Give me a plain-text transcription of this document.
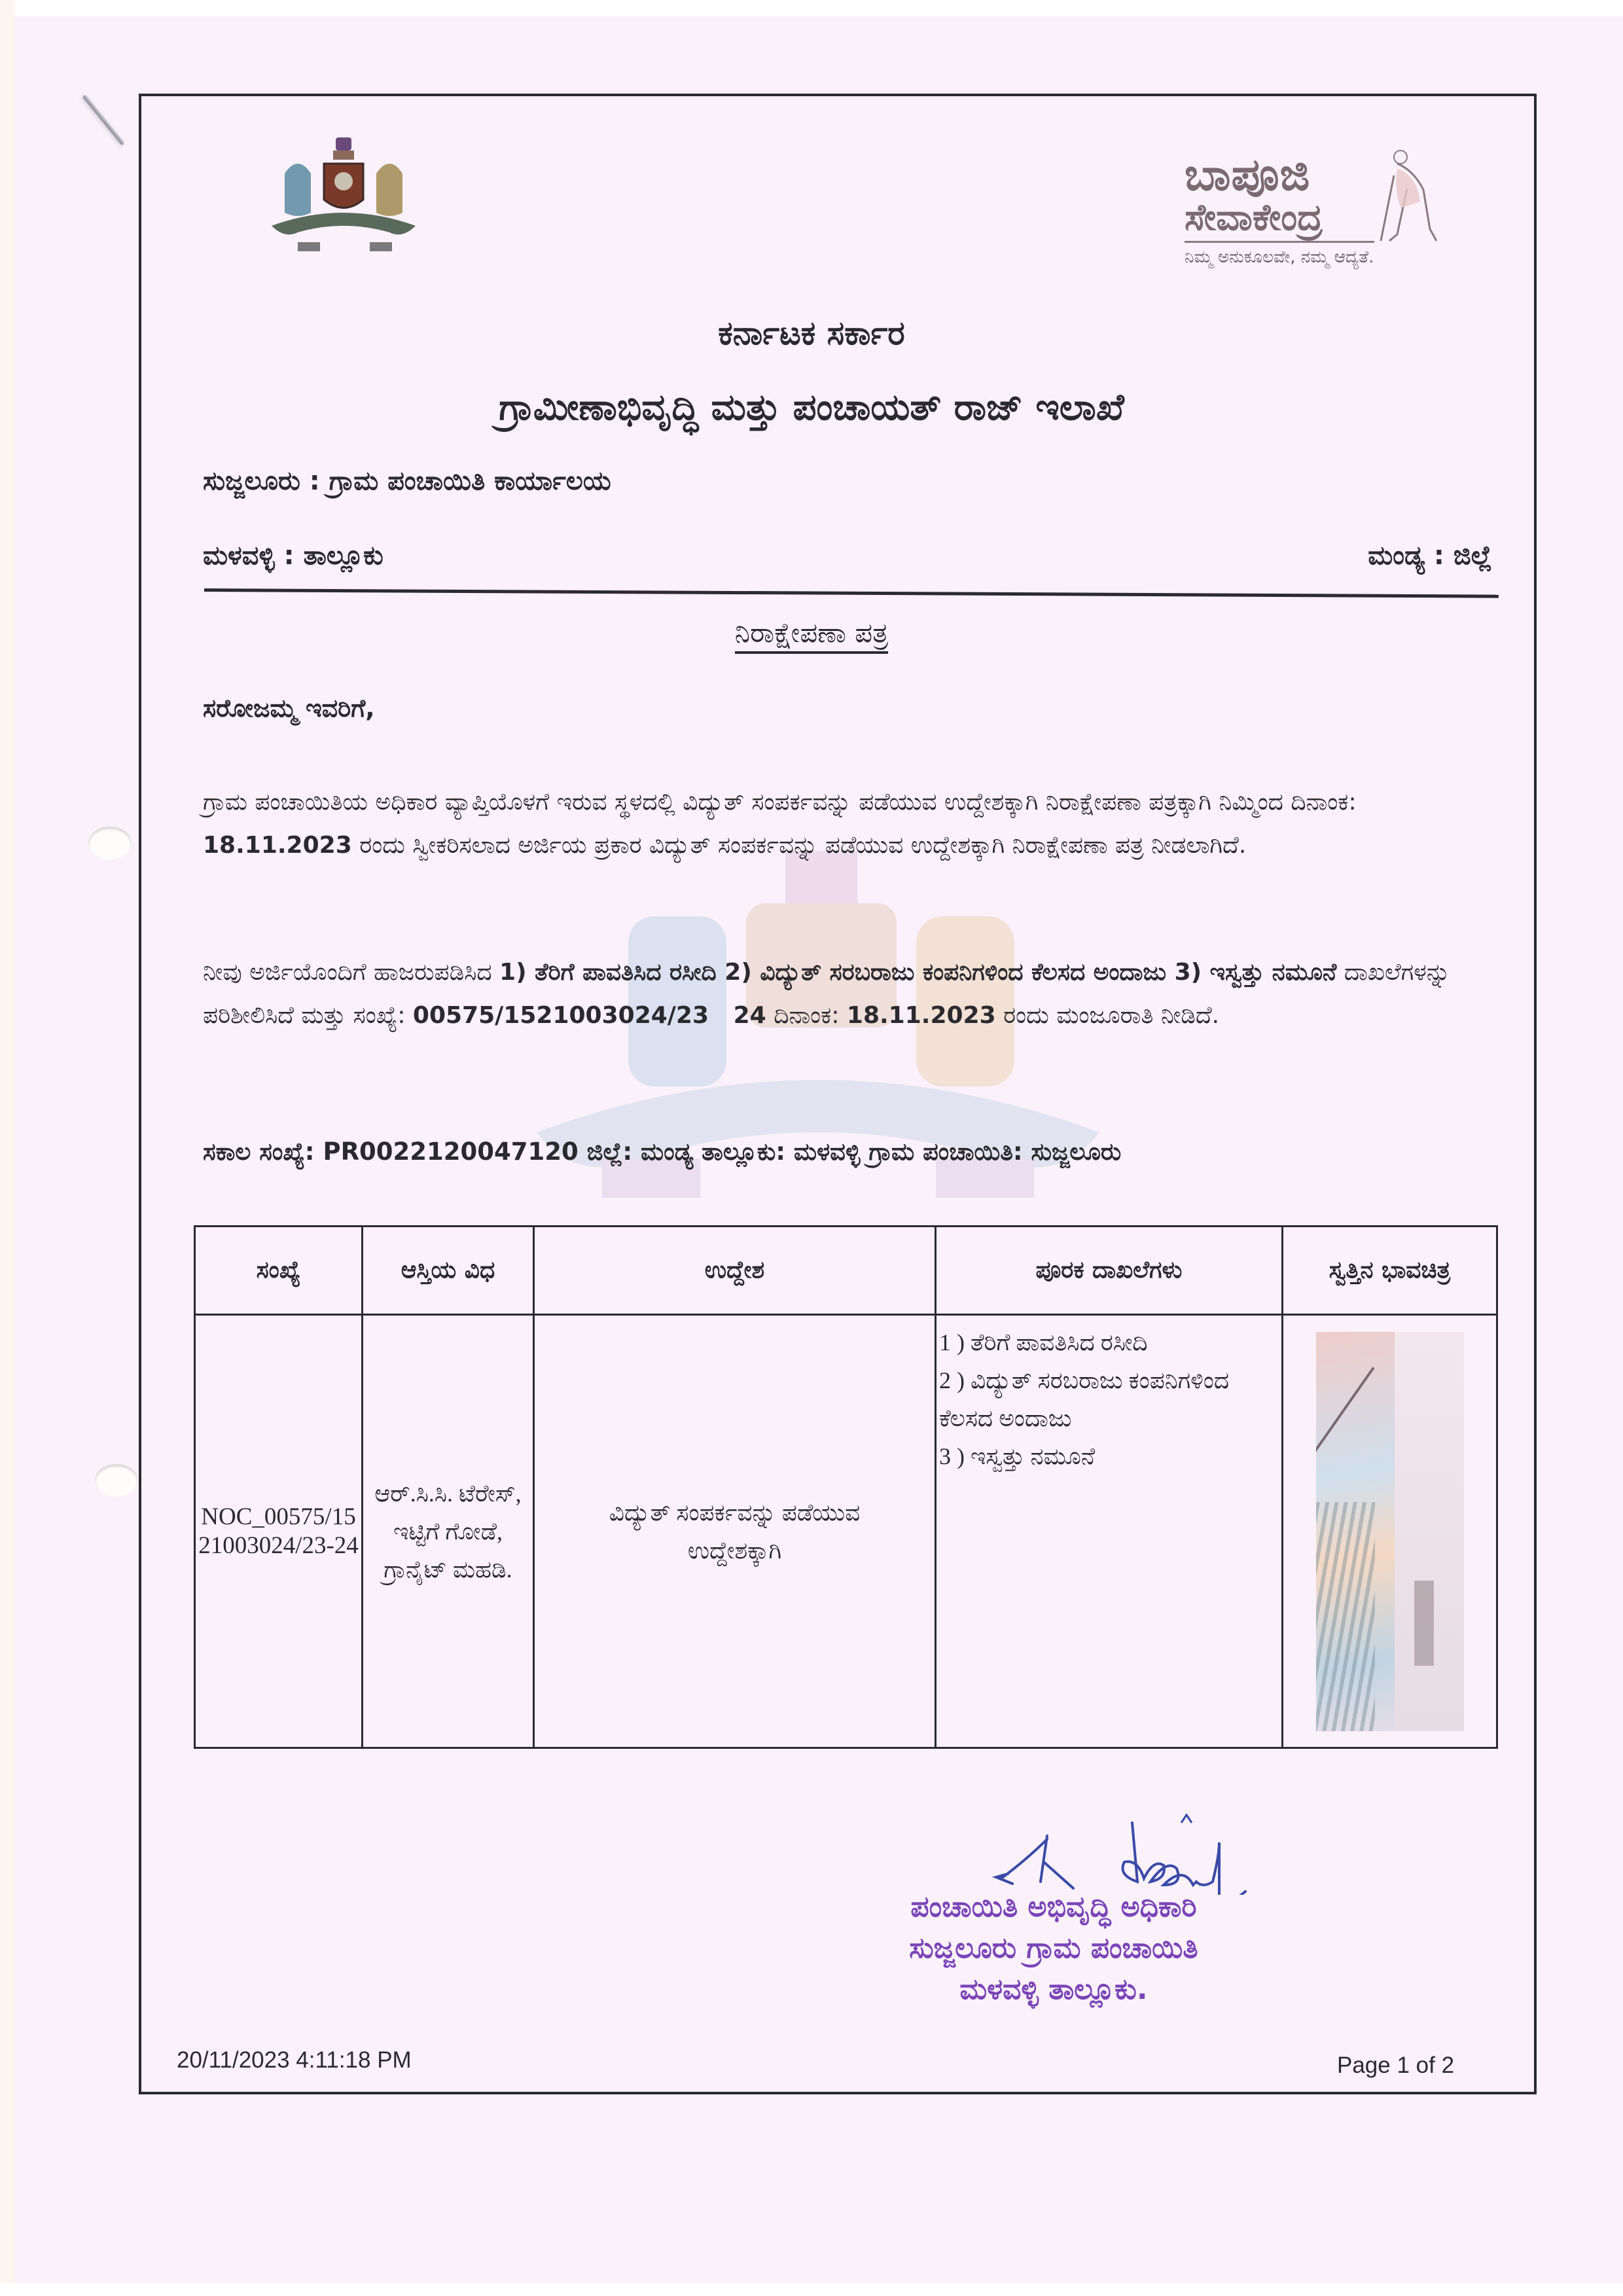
ಬಾಪೂಜಿ
ಸೇವಾಕೇಂದ್ರ
ನಿಮ್ಮ ಅನುಕೂಲವೇ, ನಮ್ಮ ಆದ್ಯತೆ.
ಕರ್ನಾಟಕ ಸರ್ಕಾರ
ಗ್ರಾಮೀಣಾಭಿವೃದ್ಧಿ ಮತ್ತು ಪಂಚಾಯತ್ ರಾಜ್ ಇಲಾಖೆ
ಸುಜ್ಜಲೂರು : ಗ್ರಾಮ ಪಂಚಾಯಿತಿ ಕಾರ್ಯಾಲಯ
ಮಳವಳ್ಳಿ : ತಾಲ್ಲೂಕು	ಮಂಡ್ಯ : ಜಿಲ್ಲೆ
ನಿರಾಕ್ಷೇಪಣಾ ಪತ್ರ
ಸರೋಜಮ್ಮ ಇವರಿಗೆ,
ಗ್ರಾಮ ಪಂಚಾಯಿತಿಯ ಅಧಿಕಾರ ವ್ಯಾಪ್ತಿಯೊಳಗೆ ಇರುವ ಸ್ಥಳದಲ್ಲಿ ವಿದ್ಯುತ್ ಸಂಪರ್ಕವನ್ನು ಪಡೆಯುವ ಉದ್ದೇಶಕ್ಕಾಗಿ ನಿರಾಕ್ಷೇಪಣಾ ಪತ್ರಕ್ಕಾಗಿ ನಿಮ್ಮಿಂದ ದಿನಾಂಕ: 18.11.2023 ರಂದು ಸ್ವೀಕರಿಸಲಾದ ಅರ್ಜಿಯ ಪ್ರಕಾರ ವಿದ್ಯುತ್ ಸಂಪರ್ಕವನ್ನು ಪಡೆಯುವ ಉದ್ದೇಶಕ್ಕಾಗಿ ನಿರಾಕ್ಷೇಪಣಾ ಪತ್ರ ನೀಡಲಾಗಿದೆ.
ನೀವು ಅರ್ಜಿಯೊಂದಿಗೆ ಹಾಜರುಪಡಿಸಿದ 1) ತೆರಿಗೆ ಪಾವತಿಸಿದ ರಸೀದಿ 2) ವಿದ್ಯುತ್ ಸರಬರಾಜು ಕಂಪನಿಗಳಿಂದ ಕೆಲಸದ ಅಂದಾಜು 3) ಇಸ್ವತ್ತು ನಮೂನೆ ದಾಖಲೆಗಳನ್ನು ಪರಿಶೀಲಿಸಿದೆ ಮತ್ತು ಸಂಖ್ಯೆ: 00575/1521003024/23   24 ದಿನಾಂಕ: 18.11.2023 ರಂದು ಮಂಜೂರಾತಿ ನೀಡಿದೆ.
ಸಕಾಲ ಸಂಖ್ಯೆ: PR0022120047120 ಜಿಲ್ಲೆ: ಮಂಡ್ಯ ತಾಲ್ಲೂಕು: ಮಳವಳ್ಳಿ ಗ್ರಾಮ ಪಂಚಾಯಿತಿ: ಸುಜ್ಜಲೂರು
ಸಂಖ್ಯೆ	ಆಸ್ತಿಯ ವಿಧ	ಉದ್ದೇಶ	ಪೂರಕ ದಾಖಲೆಗಳು	ಸ್ವತ್ತಿನ ಭಾವಚಿತ್ರ
NOC_00575/1521003024/23-24	ಆರ್.ಸಿ.ಸಿ. ಟೆರೇಸ್, ಇಟ್ಟಿಗೆ ಗೋಡೆ, ಗ್ರಾನೈಟ್ ಮಹಡಿ.	ವಿದ್ಯುತ್ ಸಂಪರ್ಕವನ್ನು ಪಡೆಯುವ ಉದ್ದೇಶಕ್ಕಾಗಿ	1 ) ತೆರಿಗೆ ಪಾವತಿಸಿದ ರಸೀದಿ
2 ) ವಿದ್ಯುತ್ ಸರಬರಾಜು ಕಂಪನಿಗಳಿಂದ ಕೆಲಸದ ಅಂದಾಜು
3 ) ಇಸ್ವತ್ತು ನಮೂನೆ	

ಪಂಚಾಯಿತಿ ಅಭಿವೃದ್ಧಿ ಅಧಿಕಾರಿ
ಸುಜ್ಜಲೂರು ಗ್ರಾಮ ಪಂಚಾಯಿತಿ
ಮಳವಳ್ಳಿ ತಾಲ್ಲೂಕು.
20/11/2023 4:11:18 PM	Page 1 of 2
